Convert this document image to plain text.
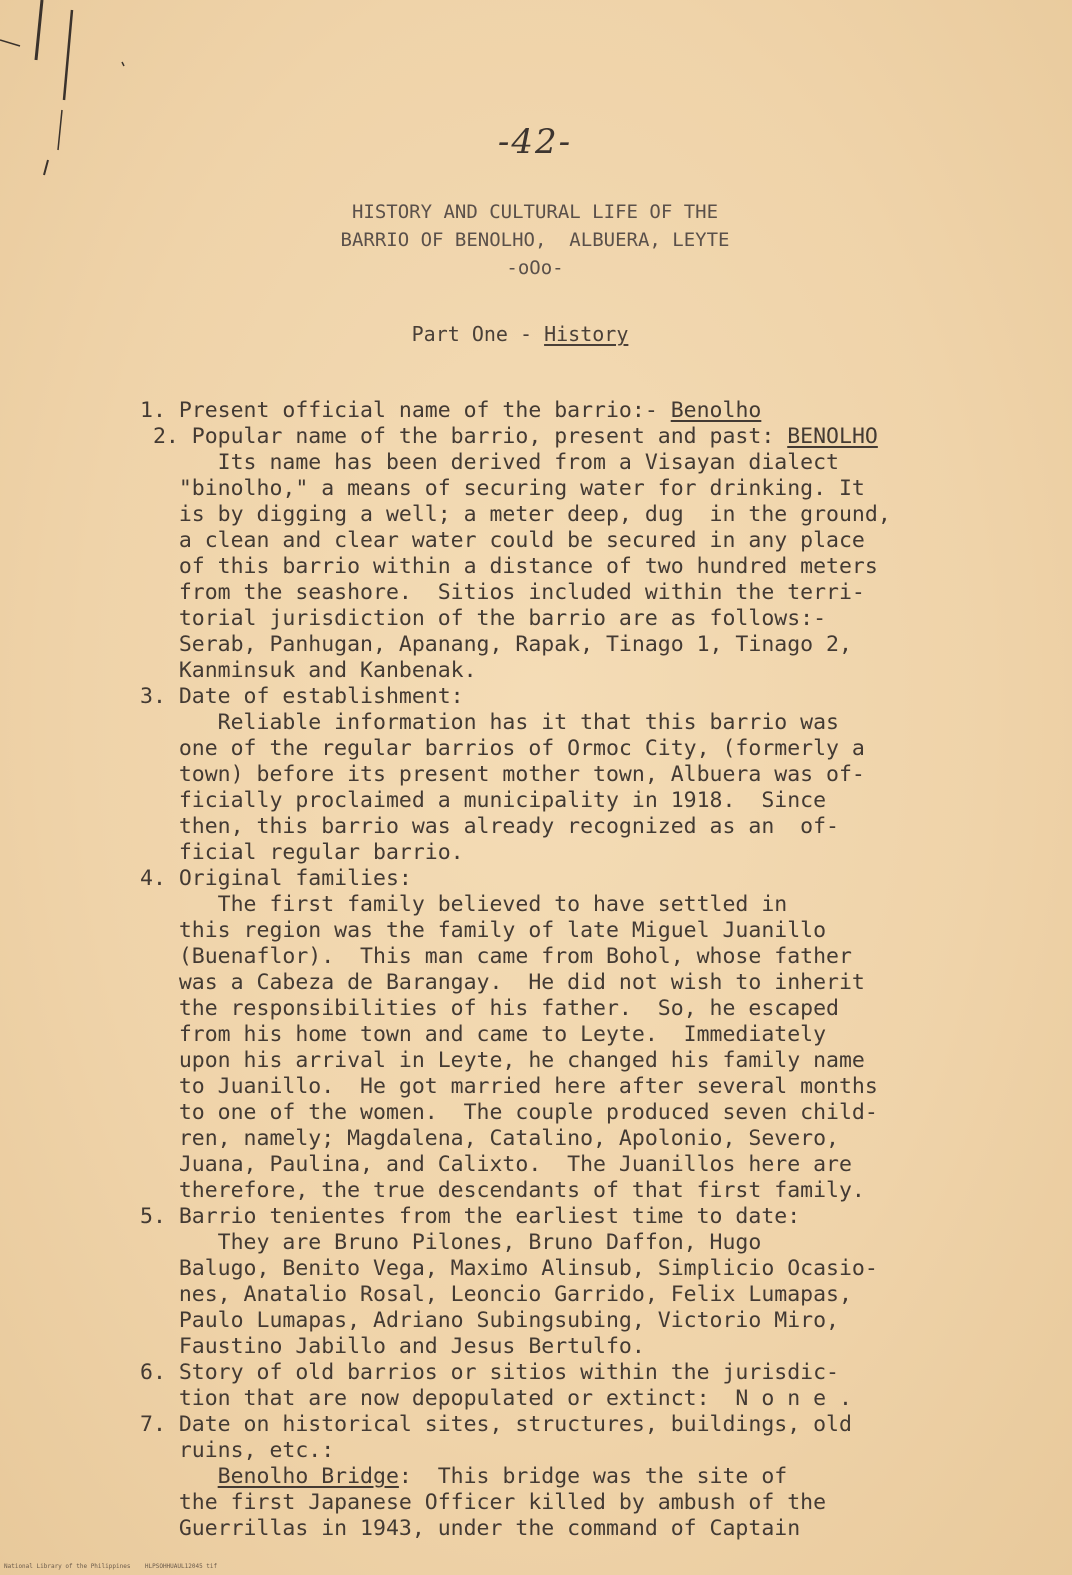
-42-
HISTORY AND CULTURAL LIFE OF THE
BARRIO OF BENOLHO,  ALBUERA, LEYTE
-oOo-
Part One - History
1. Present official name of the barrio:- Benolho
2. Popular name of the barrio, present and past: BENOLHO
Its name has been derived from a Visayan dialect
"binolho," a means of securing water for drinking. It
is by digging a well; a meter deep, dug  in the ground,
a clean and clear water could be secured in any place
of this barrio within a distance of two hundred meters
from the seashore.  Sitios included within the terri-
torial jurisdiction of the barrio are as follows:-
Serab, Panhugan, Apanang, Rapak, Tinago 1, Tinago 2,
Kanminsuk and Kanbenak.
3. Date of establishment:
Reliable information has it that this barrio was
one of the regular barrios of Ormoc City, (formerly a
town) before its present mother town, Albuera was of-
ficially proclaimed a municipality in 1918.  Since
then, this barrio was already recognized as an  of-
ficial regular barrio.
4. Original families:
The first family believed to have settled in
this region was the family of late Miguel Juanillo
(Buenaflor).  This man came from Bohol, whose father
was a Cabeza de Barangay.  He did not wish to inherit
the responsibilities of his father.  So, he escaped
from his home town and came to Leyte.  Immediately
upon his arrival in Leyte, he changed his family name
to Juanillo.  He got married here after several months
to one of the women.  The couple produced seven child-
ren, namely; Magdalena, Catalino, Apolonio, Severo,
Juana, Paulina, and Calixto.  The Juanillos here are
therefore, the true descendants of that first family.
5. Barrio tenientes from the earliest time to date:
They are Bruno Pilones, Bruno Daffon, Hugo
Balugo, Benito Vega, Maximo Alinsub, Simplicio Ocasio-
nes, Anatalio Rosal, Leoncio Garrido, Felix Lumapas,
Paulo Lumapas, Adriano Subingsubing, Victorio Miro,
Faustino Jabillo and Jesus Bertulfo.
6. Story of old barrios or sitios within the jurisdic-
tion that are now depopulated or extinct:  N o n e .
7. Date on historical sites, structures, buildings, old
ruins, etc.:
Benolho Bridge:  This bridge was the site of
the first Japanese Officer killed by ambush of the
Guerrillas in 1943, under the command of Captain
National Library of the Philippines    HLPSOHHUAUL12045 tif
